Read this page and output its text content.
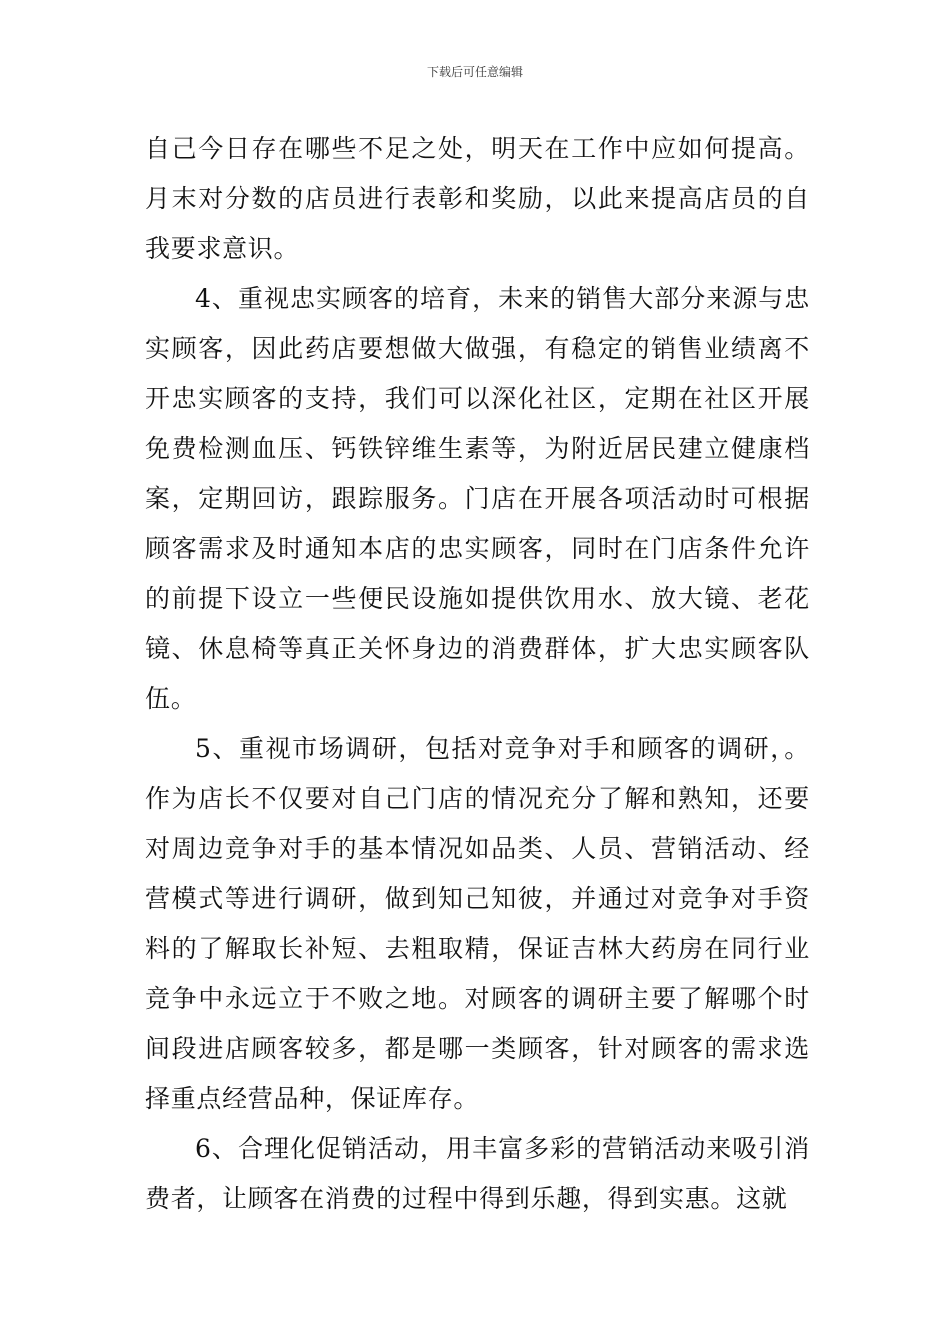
下载后可任意编辑

自己今日存在哪些不足之处，明天在工作中应如何提高。月末对分数的店员进行表彰和奖励，以此来提高店员的自我要求意识。

4、重视忠实顾客的培育，未来的销售大部分来源与忠实顾客，因此药店要想做大做强，有稳定的销售业绩离不开忠实顾客的支持，我们可以深化社区，定期在社区开展免费检测血压、钙铁锌维生素等，为附近居民建立健康档案，定期回访，跟踪服务。门店在开展各项活动时可根据顾客需求及时通知本店的忠实顾客，同时在门店条件允许的前提下设立一些便民设施如提供饮用水、放大镜、老花镜、休息椅等真正关怀身边的消费群体，扩大忠实顾客队伍。

5、重视市场调研，包括对竞争对手和顾客的调研，。作为店长不仅要对自己门店的情况充分了解和熟知，还要对周边竞争对手的基本情况如品类、人员、营销活动、经营模式等进行调研，做到知己知彼，并通过对竞争对手资料的了解取长补短、去粗取精，保证吉林大药房在同行业竞争中永远立于不败之地。对顾客的调研主要了解哪个时间段进店顾客较多，都是哪一类顾客，针对顾客的需求选择重点经营品种，保证库存。

6、合理化促销活动，用丰富多彩的营销活动来吸引消费者，让顾客在消费的过程中得到乐趣，得到实惠。这就
